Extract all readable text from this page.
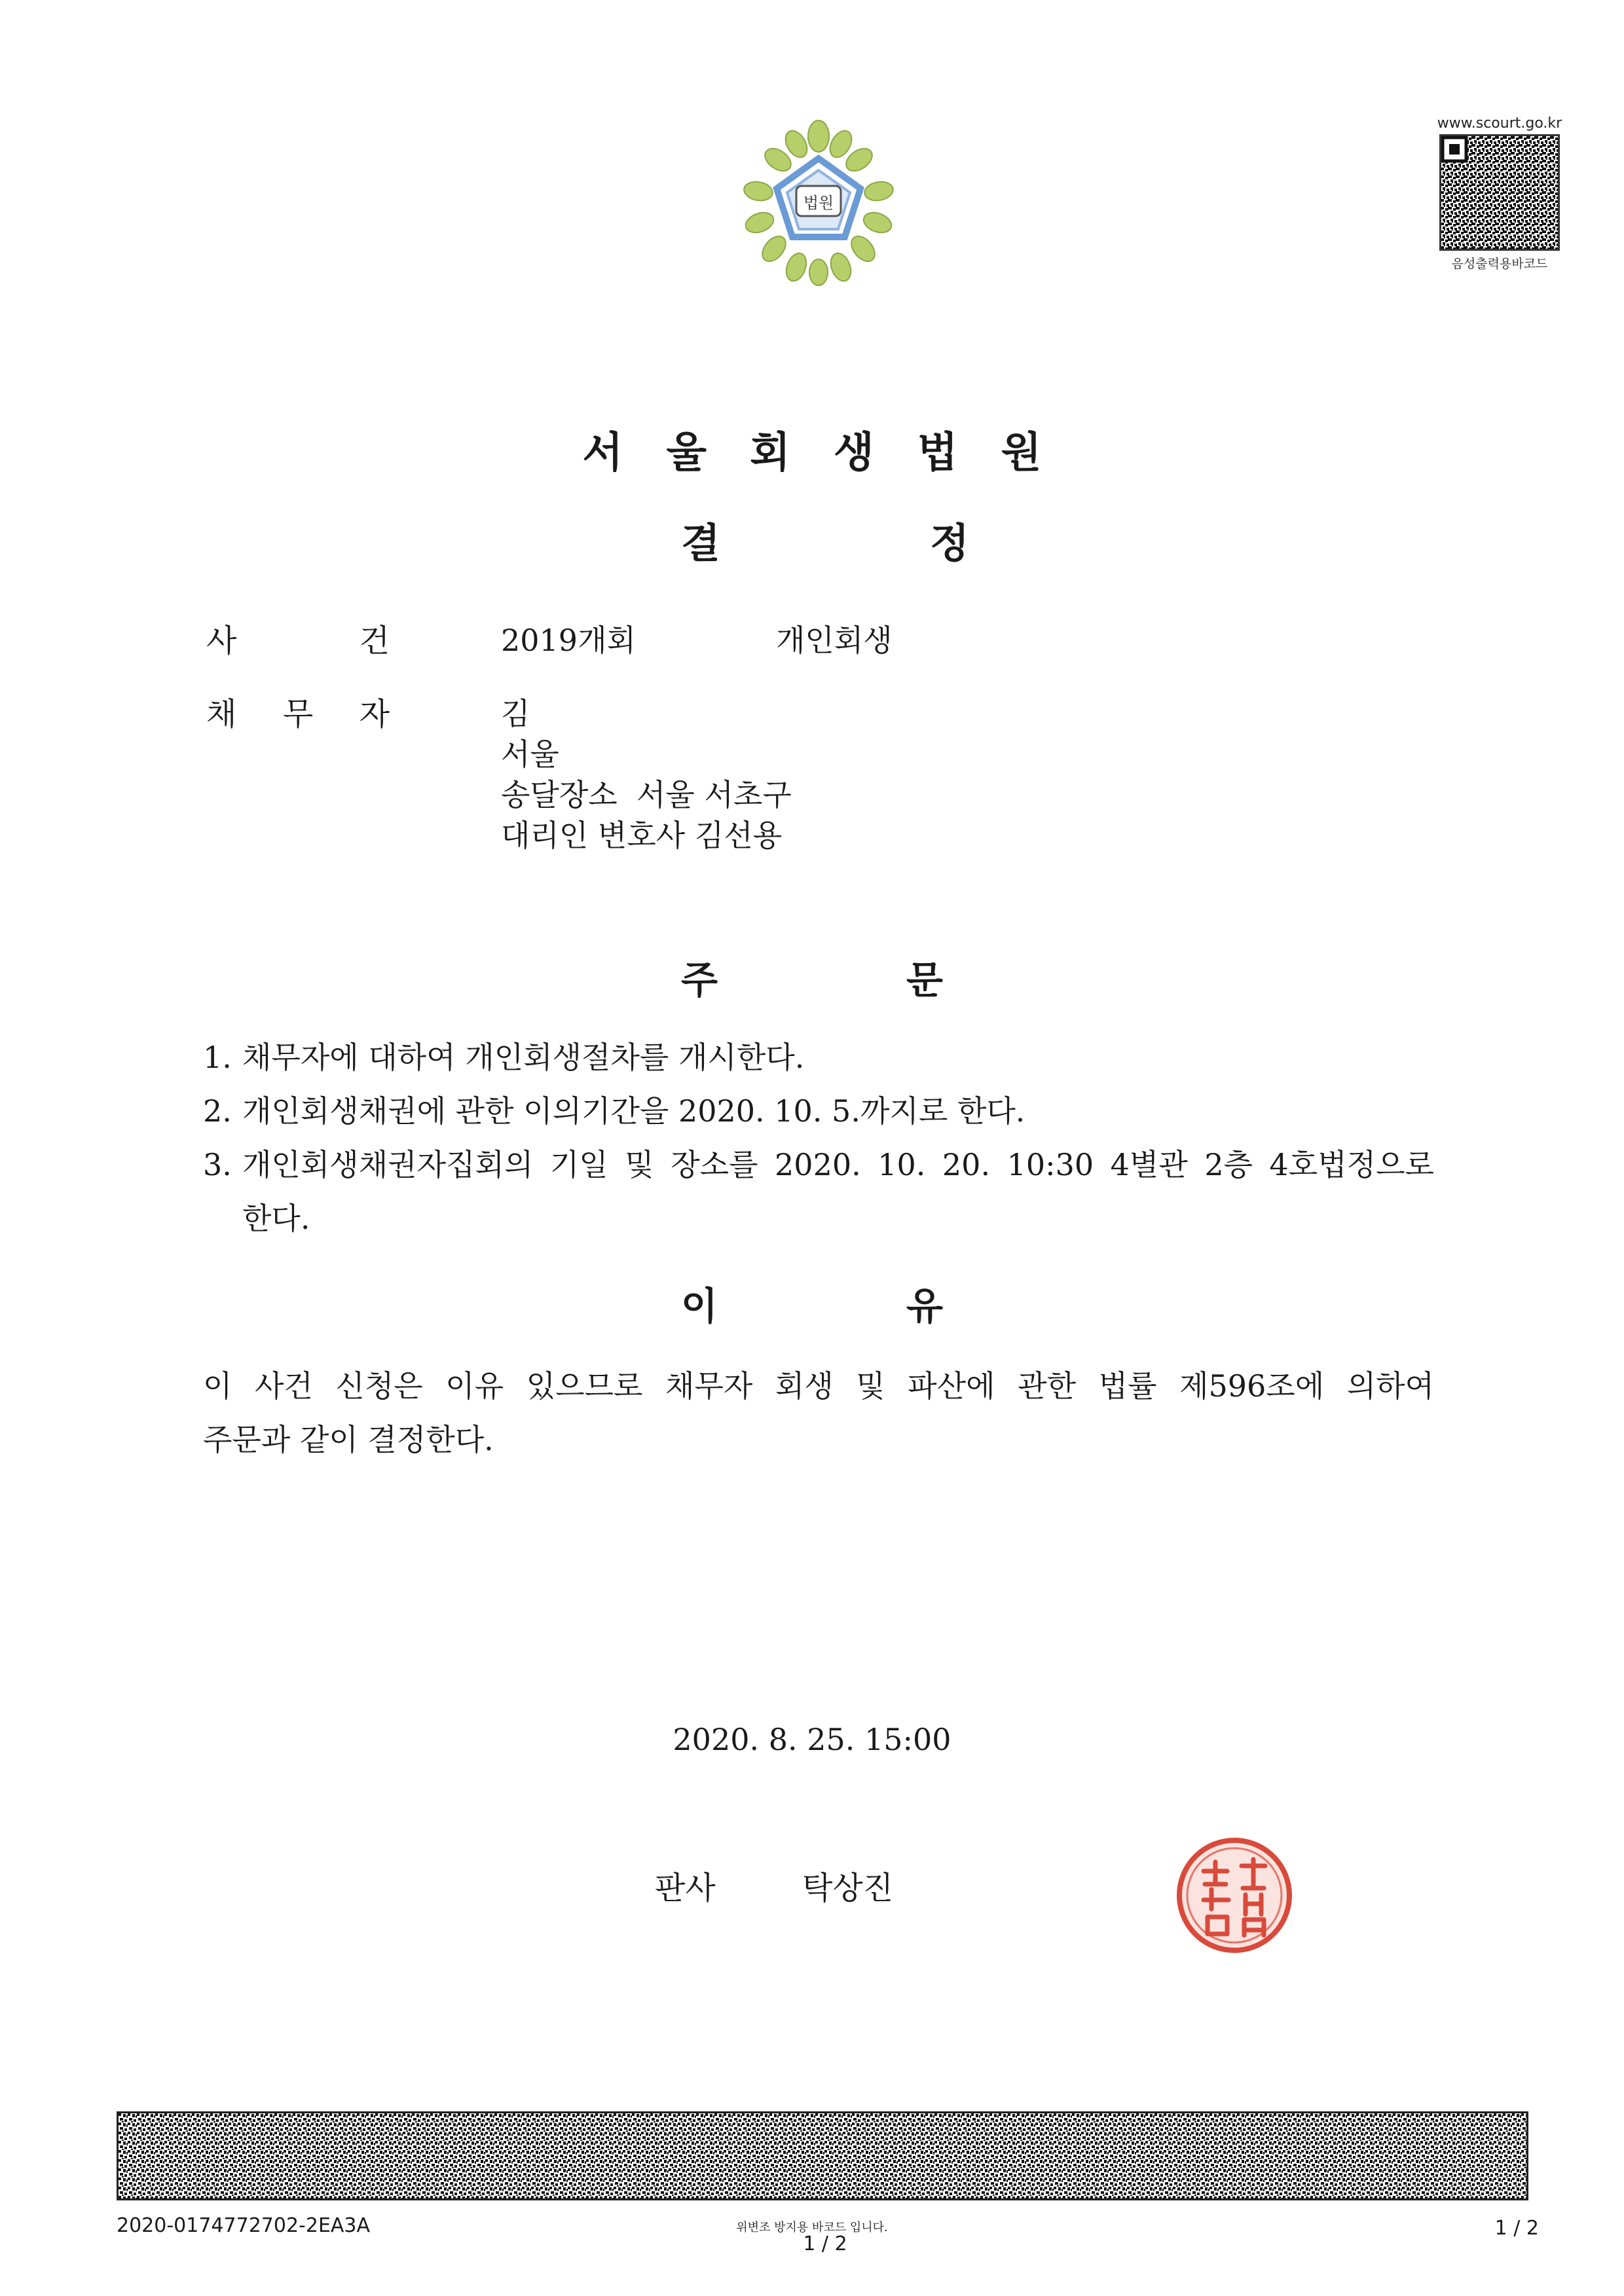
법원
www.scourt.go.kr
음성출력용바코드
서울회생법원
결	정
사	건	2019개회	개인회생
채 무 자	김
서울
송달장소  서울 서초구
대리인 변호사 김선용
주	문
1. 채무자에 대하여 개인회생절차를 개시한다.
2. 개인회생채권에 관한 이의기간을 2020. 10. 5.까지로 한다.
3. 개인회생채권자집회의 기일 및 장소를 2020. 10. 20. 10:30 4별관 2층 4호법정으로
한다.
이	유
이 사건 신청은 이유 있으므로 채무자 회생 및 파산에 관한 법률 제596조에 의하여
주문과 같이 결정한다.
2020. 8. 25. 15:00
판사	탁상진
2020-0174772702-2EA3A	위변조 방지용 바코드 입니다.
1 / 2
1 / 2
